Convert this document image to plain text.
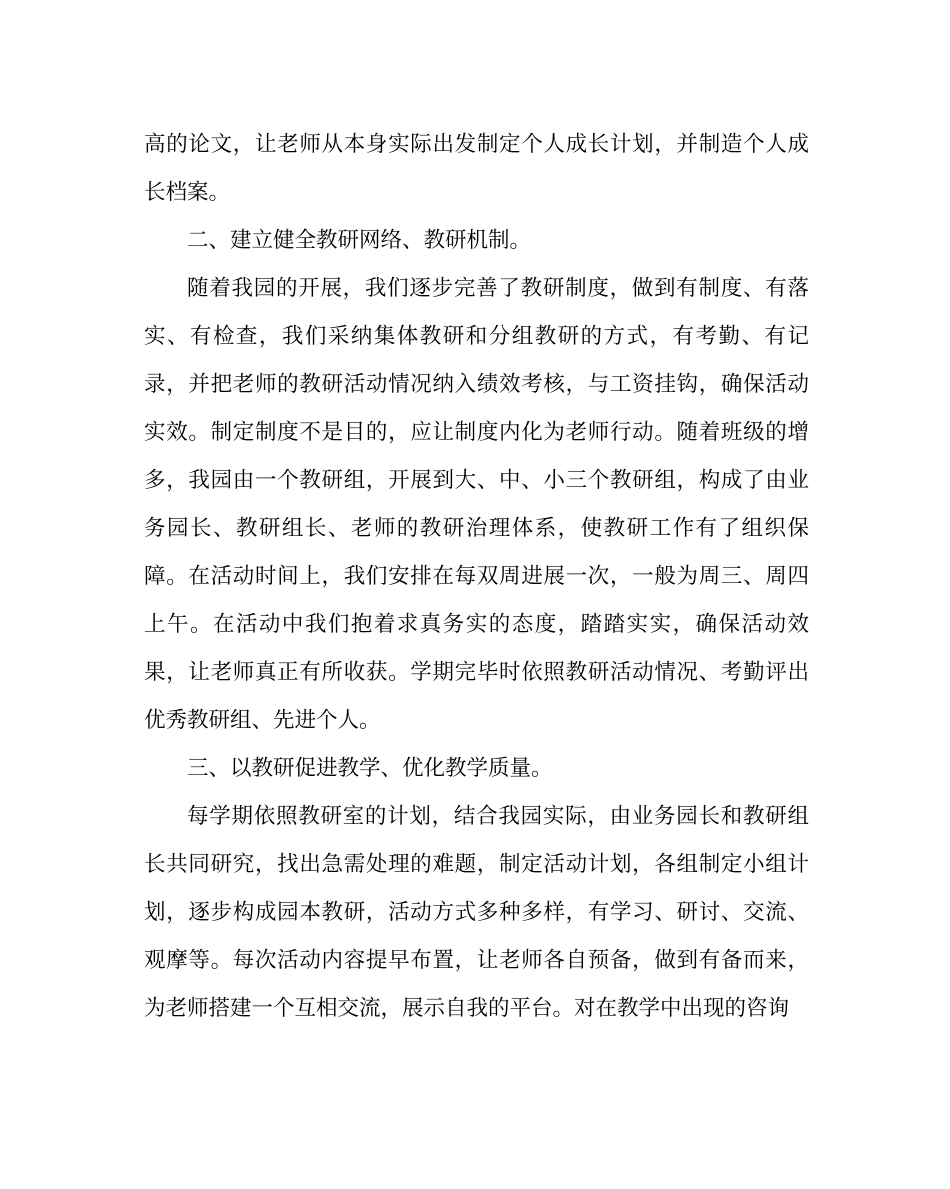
高的论文，让老师从本身实际出发制定个人成长计划，并制造个人成长档案。

二、建立健全教研网络、教研机制。

随着我园的开展，我们逐步完善了教研制度，做到有制度、有落实、有检查，我们采纳集体教研和分组教研的方式，有考勤、有记录，并把老师的教研活动情况纳入绩效考核，与工资挂钩，确保活动实效。制定制度不是目的，应让制度内化为老师行动。随着班级的增多，我园由一个教研组，开展到大、中、小三个教研组，构成了由业务园长、教研组长、老师的教研治理体系，使教研工作有了组织保障。在活动时间上，我们安排在每双周进展一次，一般为周三、周四上午。在活动中我们抱着求真务实的态度，踏踏实实，确保活动效果，让老师真正有所收获。学期完毕时依照教研活动情况、考勤评出优秀教研组、先进个人。

三、以教研促进教学、优化教学质量。

每学期依照教研室的计划，结合我园实际，由业务园长和教研组长共同研究，找出急需处理的难题，制定活动计划，各组制定小组计划，逐步构成园本教研，活动方式多种多样，有学习、研讨、交流、观摩等。每次活动内容提早布置，让老师各自预备，做到有备而来，为老师搭建一个互相交流，展示自我的平台。对在教学中出现的咨询
